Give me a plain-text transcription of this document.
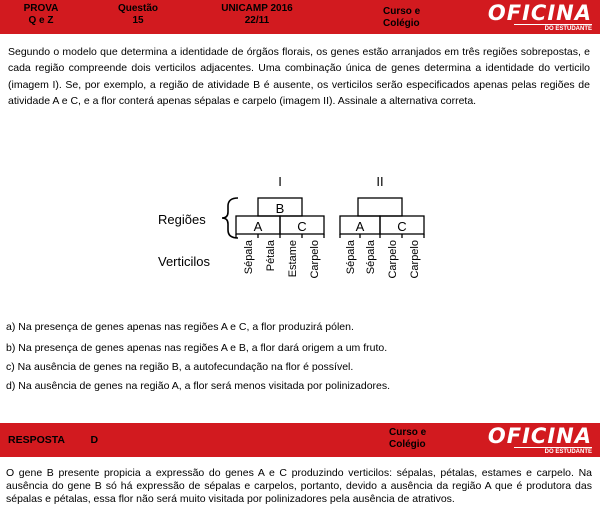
PROVA
Q e Z
Questão
15
UNICAMP 2016
22/11
Curso e
Colégio	OFICINA
DO ESTUDANTE
Segundo o modelo que determina a identidade de órgãos florais, os genes estão arranjados em três regiões sobrepostas, e cada região compreende dois verticilos adjacentes. Uma combinação única de genes determina a identidade do verticilo (imagem I). Se, por exemplo, a região de atividade B é ausente, os verticilos serão especificados apenas pelas regiões de atividade A e C, e a flor conterá apenas sépalas e carpelo (imagem II). Assinale a alternativa correta.
I	II
Regiões
Verticilos
B
A	C
Sépala Pétala Estame Carpelo
A	C
Sépala Sépala Carpelo Carpelo
a) Na presença de genes apenas nas regiões A e C, a flor produzirá pólen.
b) Na presença de genes apenas nas regiões A e B, a flor dará origem a um fruto.
c) Na ausência de genes na região B, a autofecundação na flor é possível.
d) Na ausência de genes na região A, a flor será menos visitada por polinizadores.
RESPOSTA D
Curso e
Colégio	OFICINA
DO ESTUDANTE
O gene B presente propicia a expressão do genes A e C produzindo verticilos: sépalas, pétalas, estames e carpelo. Na ausência do gene B só há expressão de sépalas e carpelos, portanto, devido a ausência da região A que é produtora das sépalas e pétalas, essa flor não será muito visitada por polinizadores pela ausência de atrativos.
